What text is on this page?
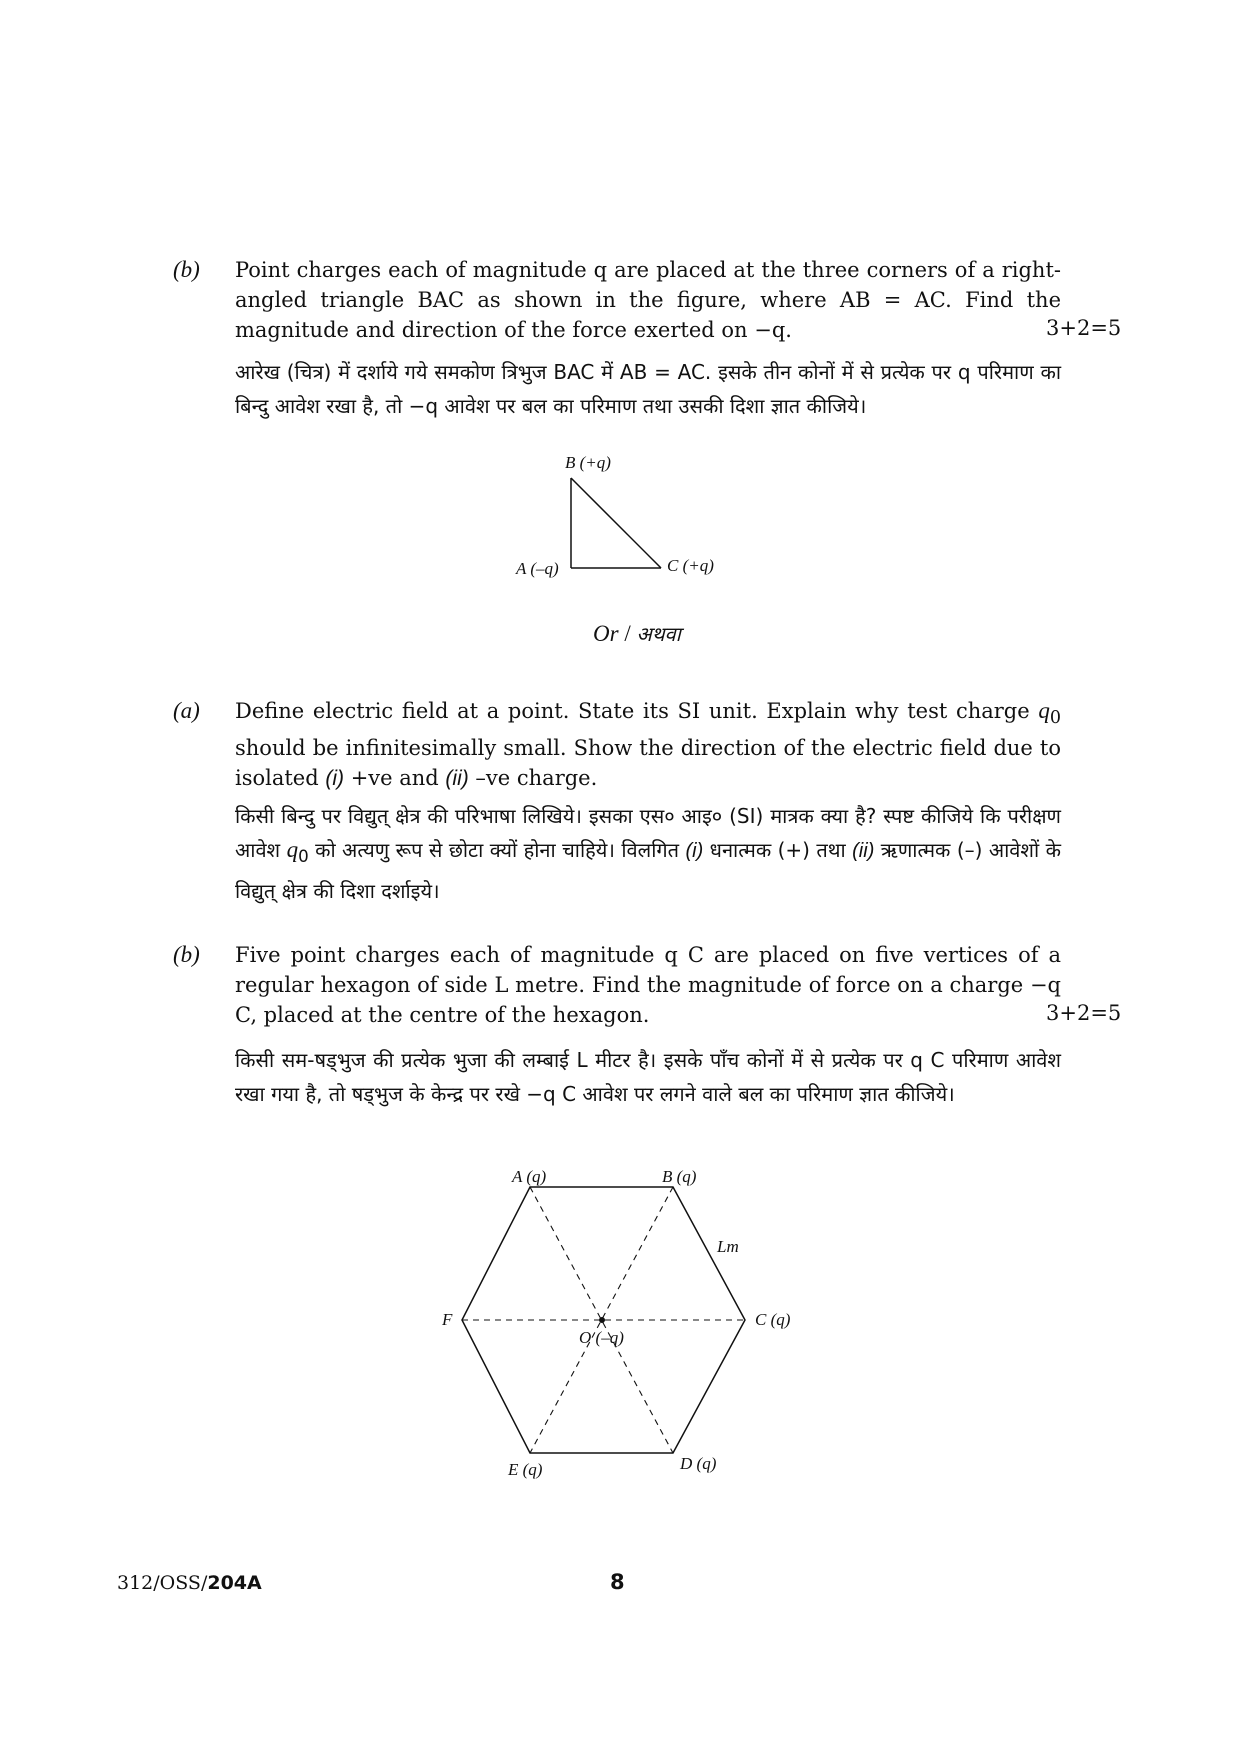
(b) Point charges each of magnitude q are placed at the three corners of a right-angled triangle BAC as shown in the figure, where AB = AC. Find the magnitude and direction of the force exerted on −q.	3+2=5
आरेख (चित्र) में दर्शाये गये समकोण त्रिभुज BAC में AB = AC. इसके तीन कोनों में से प्रत्येक पर q परिमाण का बिन्दु आवेश रखा है, तो −q आवेश पर बल का परिमाण तथा उसकी दिशा ज्ञात कीजिये।
B (+q)
A (–q)	C (+q)
Or / अथवा
(a) Define electric field at a point. State its SI unit. Explain why test charge $q_0$ should be infinitesimally small. Show the direction of the electric field due to isolated (i) +ve and (ii) –ve charge.
किसी बिन्दु पर विद्युत् क्षेत्र की परिभाषा लिखिये। इसका एस० आइ० (SI) मात्रक क्या है? स्पष्ट कीजिये कि परीक्षण आवेश $q_0$ को अत्यणु रूप से छोटा क्यों होना चाहिये। विलगित (i) धनात्मक (+) तथा (ii) ऋणात्मक (–) आवेशों के विद्युत् क्षेत्र की दिशा दर्शाइये।
(b) Five point charges each of magnitude q C are placed on five vertices of a regular hexagon of side L metre. Find the magnitude of force on a charge −q C, placed at the centre of the hexagon.	3+2=5
किसी सम-षड्भुज की प्रत्येक भुजा की लम्बाई L मीटर है। इसके पाँच कोनों में से प्रत्येक पर q C परिमाण आवेश रखा गया है, तो षड्भुज के केन्द्र पर रखे −q C आवेश पर लगने वाले बल का परिमाण ज्ञात कीजिये।
A (q)	B (q)
C (q)
D (q)
E (q)
F
O (–q)
Lm
312/OSS/204A	8
